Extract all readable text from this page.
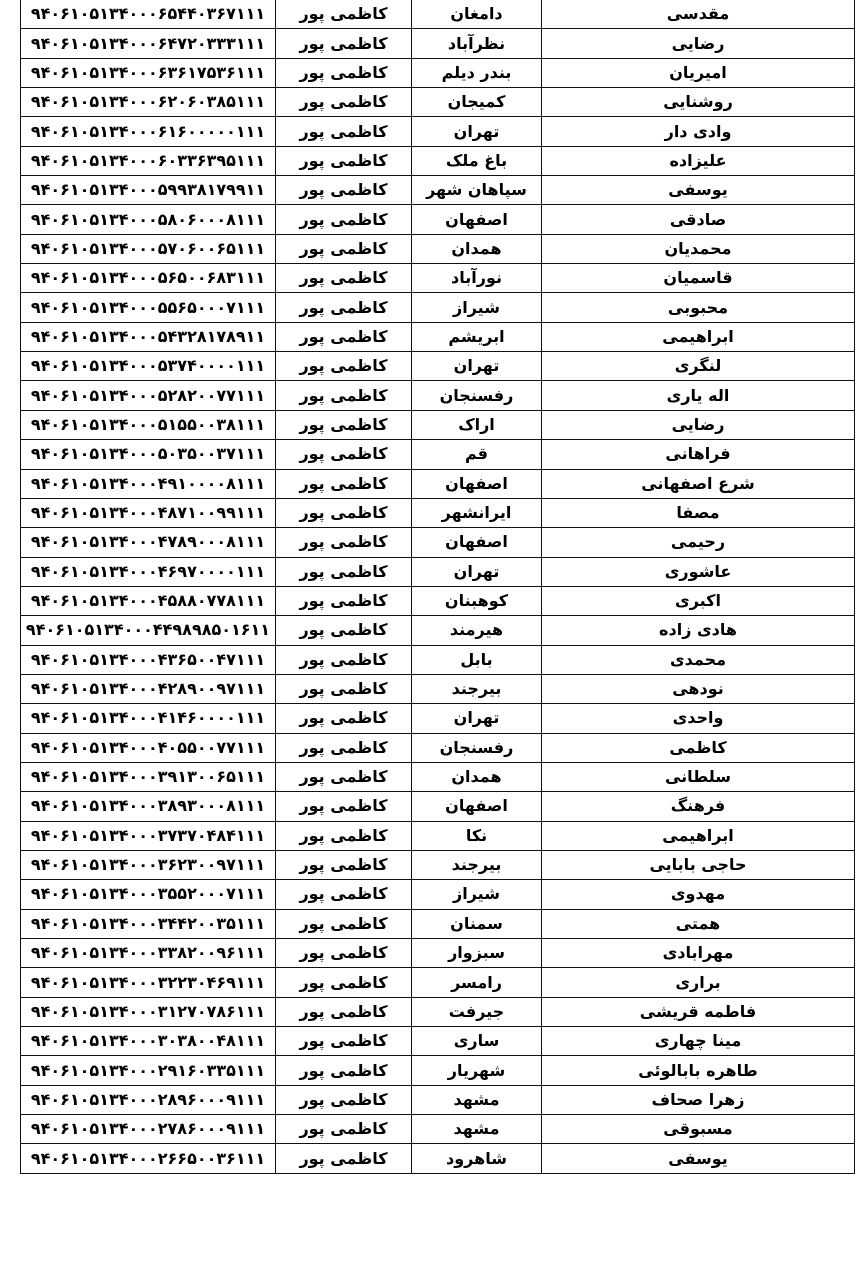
مقدسی	دامغان	کاظمی پور	۹۴۰۶۱۰۵۱۳۴۰۰۰۶۵۴۴۰۳۶۷۱۱۱
رضایی	نظرآباد	کاظمی پور	۹۴۰۶۱۰۵۱۳۴۰۰۰۶۴۷۲۰۳۳۳۱۱۱
امیریان	بندر دیلم	کاظمی پور	۹۴۰۶۱۰۵۱۳۴۰۰۰۶۳۶۱۷۵۳۶۱۱۱
روشنایی	کمیجان	کاظمی پور	۹۴۰۶۱۰۵۱۳۴۰۰۰۶۲۰۶۰۳۸۵۱۱۱
وادی دار	تهران	کاظمی پور	۹۴۰۶۱۰۵۱۳۴۰۰۰۶۱۶۰۰۰۰۰۱۱۱
علیزاده	باغ ملک	کاظمی پور	۹۴۰۶۱۰۵۱۳۴۰۰۰۶۰۳۳۶۳۹۵۱۱۱
یوسفی	سپاهان شهر	کاظمی پور	۹۴۰۶۱۰۵۱۳۴۰۰۰۵۹۹۳۸۱۷۹۹۱۱
صادقی	اصفهان	کاظمی پور	۹۴۰۶۱۰۵۱۳۴۰۰۰۵۸۰۶۰۰۰۸۱۱۱
محمدیان	همدان	کاظمی پور	۹۴۰۶۱۰۵۱۳۴۰۰۰۵۷۰۶۰۰۶۵۱۱۱
قاسمیان	نورآباد	کاظمی پور	۹۴۰۶۱۰۵۱۳۴۰۰۰۵۶۵۰۰۶۸۳۱۱۱
محبوبی	شیراز	کاظمی پور	۹۴۰۶۱۰۵۱۳۴۰۰۰۵۵۶۵۰۰۰۷۱۱۱
ابراهیمی	ابریشم	کاظمی پور	۹۴۰۶۱۰۵۱۳۴۰۰۰۵۴۳۲۸۱۷۸۹۱۱
لنگری	تهران	کاظمی پور	۹۴۰۶۱۰۵۱۳۴۰۰۰۵۳۷۴۰۰۰۰۱۱۱
اله یاری	رفسنجان	کاظمی پور	۹۴۰۶۱۰۵۱۳۴۰۰۰۵۲۸۲۰۰۷۷۱۱۱
رضایی	اراک	کاظمی پور	۹۴۰۶۱۰۵۱۳۴۰۰۰۵۱۵۵۰۰۳۸۱۱۱
فراهانی	قم	کاظمی پور	۹۴۰۶۱۰۵۱۳۴۰۰۰۵۰۳۵۰۰۳۷۱۱۱
شرع اصفهانی	اصفهان	کاظمی پور	۹۴۰۶۱۰۵۱۳۴۰۰۰۴۹۱۰۰۰۰۸۱۱۱
مصفا	ایرانشهر	کاظمی پور	۹۴۰۶۱۰۵۱۳۴۰۰۰۴۸۷۱۰۰۹۹۱۱۱
رحیمی	اصفهان	کاظمی پور	۹۴۰۶۱۰۵۱۳۴۰۰۰۴۷۸۹۰۰۰۸۱۱۱
عاشوری	تهران	کاظمی پور	۹۴۰۶۱۰۵۱۳۴۰۰۰۴۶۹۷۰۰۰۰۱۱۱
اکبری	کوهبنان	کاظمی پور	۹۴۰۶۱۰۵۱۳۴۰۰۰۴۵۸۸۰۷۷۸۱۱۱
هادی زاده	هیرمند	کاظمی پور	۹۴۰۶۱۰۵۱۳۴۰۰۰۴۴۹۸۹۸۵۰۱۶۱۱
محمدی	بابل	کاظمی پور	۹۴۰۶۱۰۵۱۳۴۰۰۰۴۳۶۵۰۰۴۷۱۱۱
نودهی	بیرجند	کاظمی پور	۹۴۰۶۱۰۵۱۳۴۰۰۰۴۲۸۹۰۰۹۷۱۱۱
واحدی	تهران	کاظمی پور	۹۴۰۶۱۰۵۱۳۴۰۰۰۴۱۴۶۰۰۰۰۱۱۱
کاظمی	رفسنجان	کاظمی پور	۹۴۰۶۱۰۵۱۳۴۰۰۰۴۰۵۵۰۰۷۷۱۱۱
سلطانی	همدان	کاظمی پور	۹۴۰۶۱۰۵۱۳۴۰۰۰۳۹۱۳۰۰۶۵۱۱۱
فرهنگ	اصفهان	کاظمی پور	۹۴۰۶۱۰۵۱۳۴۰۰۰۳۸۹۳۰۰۰۸۱۱۱
ابراهیمی	نکا	کاظمی پور	۹۴۰۶۱۰۵۱۳۴۰۰۰۳۷۳۷۰۴۸۴۱۱۱
حاجی بابایی	بیرجند	کاظمی پور	۹۴۰۶۱۰۵۱۳۴۰۰۰۳۶۲۳۰۰۹۷۱۱۱
مهدوی	شیراز	کاظمی پور	۹۴۰۶۱۰۵۱۳۴۰۰۰۳۵۵۲۰۰۰۷۱۱۱
همتی	سمنان	کاظمی پور	۹۴۰۶۱۰۵۱۳۴۰۰۰۳۴۴۲۰۰۳۵۱۱۱
مهرابادی	سبزوار	کاظمی پور	۹۴۰۶۱۰۵۱۳۴۰۰۰۳۳۸۲۰۰۹۶۱۱۱
براری	رامسر	کاظمی پور	۹۴۰۶۱۰۵۱۳۴۰۰۰۳۲۲۳۰۴۶۹۱۱۱
فاطمه قریشی	جیرفت	کاظمی پور	۹۴۰۶۱۰۵۱۳۴۰۰۰۳۱۲۷۰۷۸۶۱۱۱
مینا چهاری	ساری	کاظمی پور	۹۴۰۶۱۰۵۱۳۴۰۰۰۳۰۳۸۰۰۴۸۱۱۱
طاهره بابالوئی	شهریار	کاظمی پور	۹۴۰۶۱۰۵۱۳۴۰۰۰۲۹۱۶۰۳۳۵۱۱۱
زهرا صحاف	مشهد	کاظمی پور	۹۴۰۶۱۰۵۱۳۴۰۰۰۲۸۹۶۰۰۰۹۱۱۱
مسبوقی	مشهد	کاظمی پور	۹۴۰۶۱۰۵۱۳۴۰۰۰۲۷۸۶۰۰۰۹۱۱۱
یوسفی	شاهرود	کاظمی پور	۹۴۰۶۱۰۵۱۳۴۰۰۰۲۶۶۵۰۰۳۶۱۱۱
